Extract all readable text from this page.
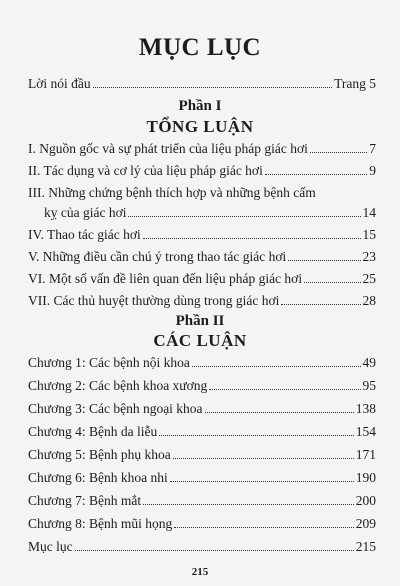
MỤC LỤC
Lời nói đầu	Trang 5
Phần I
TỔNG LUẬN
I. Nguồn gốc và sự phát triển của liệu pháp giác hơi	7
II. Tác dụng và cơ lý của liệu pháp giác hơi	9
III. Những chứng bệnh thích hợp và những bệnh cấm
kỵ của giác hơi	14
IV. Thao tác giác hơi	15
V. Những điều cần chú ý trong thao tác giác hơi	23
VI. Một số vấn đề liên quan đến liệu pháp giác hơi	25
VII. Các thủ huyệt thường dùng trong giác hơi	28
Phần II
CÁC LUẬN
Chương 1: Các bệnh nội khoa	49
Chương 2: Các bệnh khoa xương	95
Chương 3: Các bệnh ngoại khoa	138
Chương 4: Bệnh da liễu	154
Chương 5: Bệnh phụ khoa	171
Chương 6: Bệnh khoa nhi	190
Chương 7: Bệnh mắt	200
Chương 8: Bệnh mũi họng	209
Mục lục	215
215
